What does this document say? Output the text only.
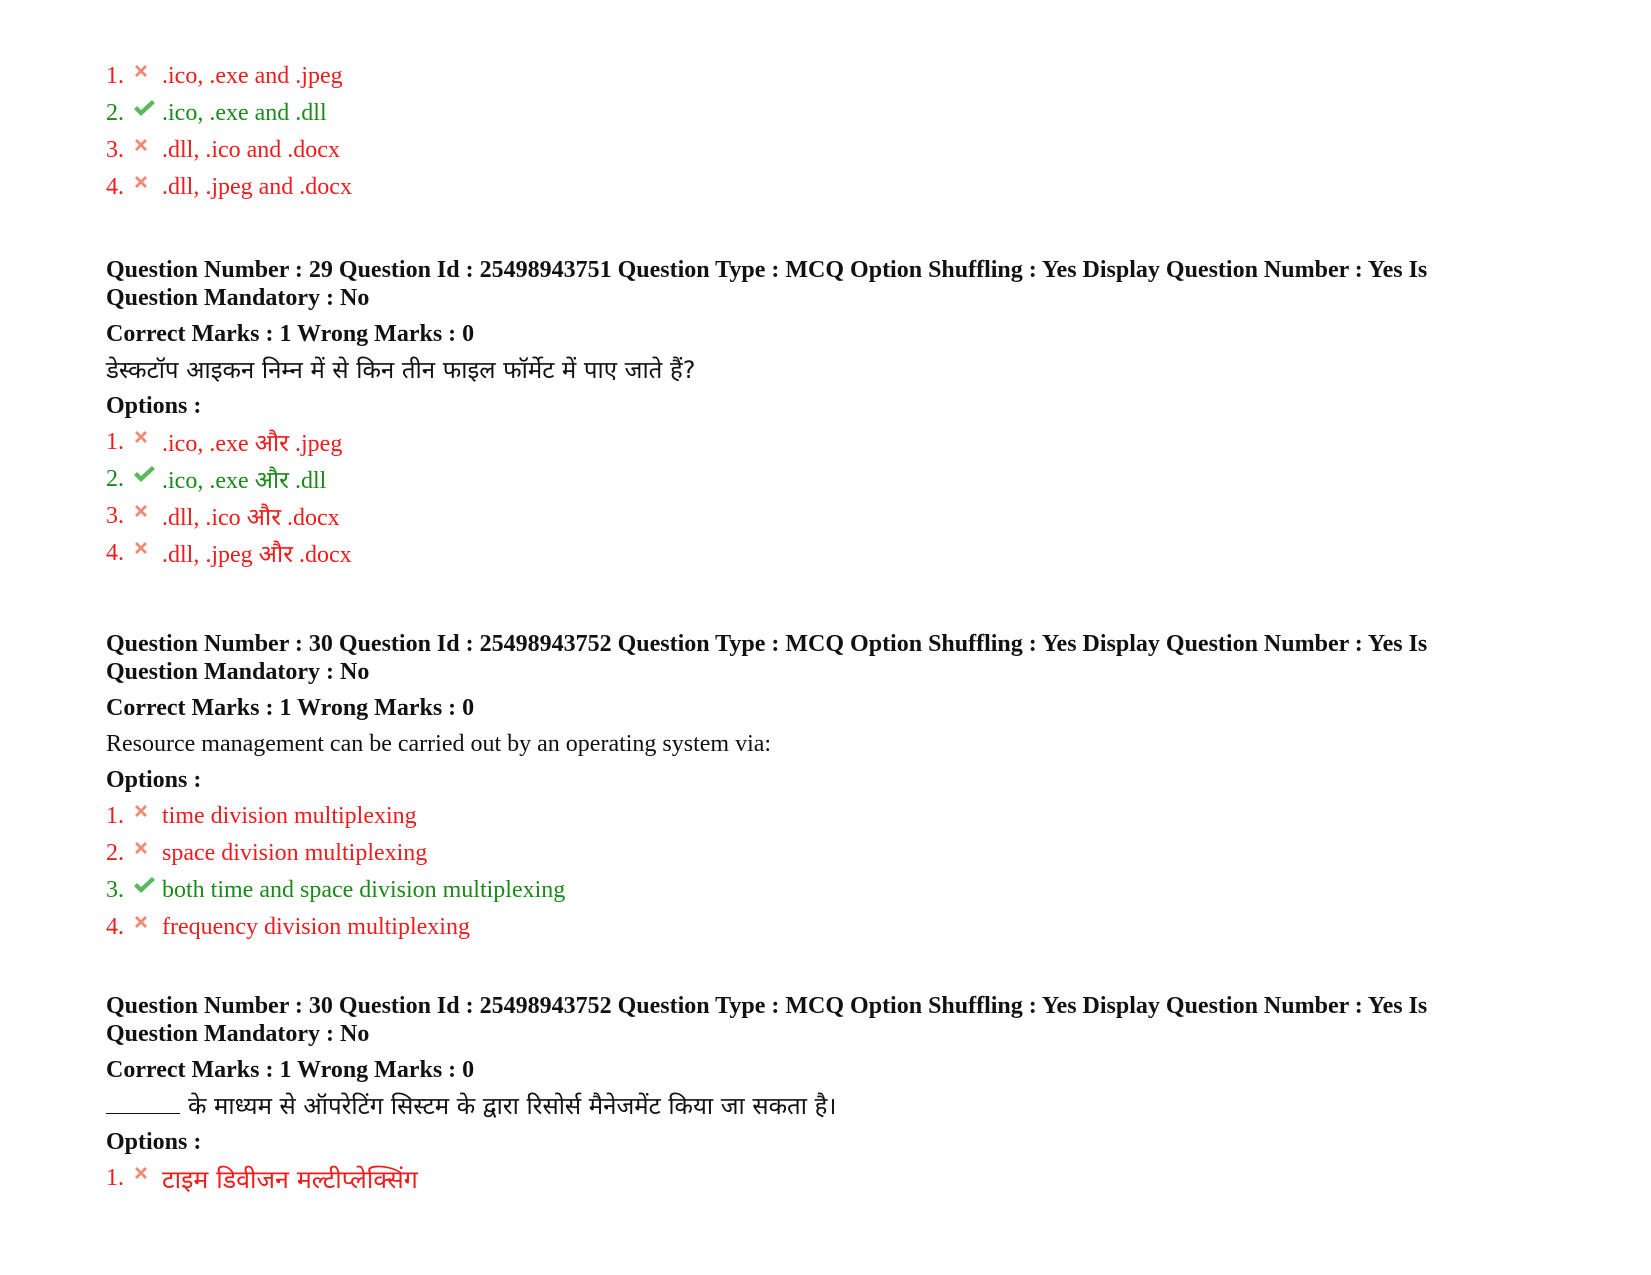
1.	.ico, .exe and .jpeg
2.	.ico, .exe and .dll
3.	.dll, .ico and .docx
4.	.dll, .jpeg and .docx
Question Number : 29 Question Id : 25498943751 Question Type : MCQ Option Shuffling : Yes Display Question Number : Yes Is
Question Mandatory : No
Correct Marks : 1 Wrong Marks : 0
डेस्कटॉप आइकन निम्न में से किन तीन फाइल फॉर्मेट में पाए जाते हैं?
Options :
1.	.ico, .exe और .jpeg
2.	.ico, .exe और .dll
3.	.dll, .ico और .docx
4.	.dll, .jpeg और .docx
Question Number : 30 Question Id : 25498943752 Question Type : MCQ Option Shuffling : Yes Display Question Number : Yes Is
Question Mandatory : No
Correct Marks : 1 Wrong Marks : 0
Resource management can be carried out by an operating system via:
Options :
1.	time division multiplexing
2.	space division multiplexing
3.	both time and space division multiplexing
4.	frequency division multiplexing
Question Number : 30 Question Id : 25498943752 Question Type : MCQ Option Shuffling : Yes Display Question Number : Yes Is
Question Mandatory : No
Correct Marks : 1 Wrong Marks : 0
के माध्यम से ऑपरेटिंग सिस्टम के द्वारा रिसोर्स मैनेजमेंट किया जा सकता है।
Options :
1.	टाइम डिवीजन मल्टीप्लेक्सिंग
